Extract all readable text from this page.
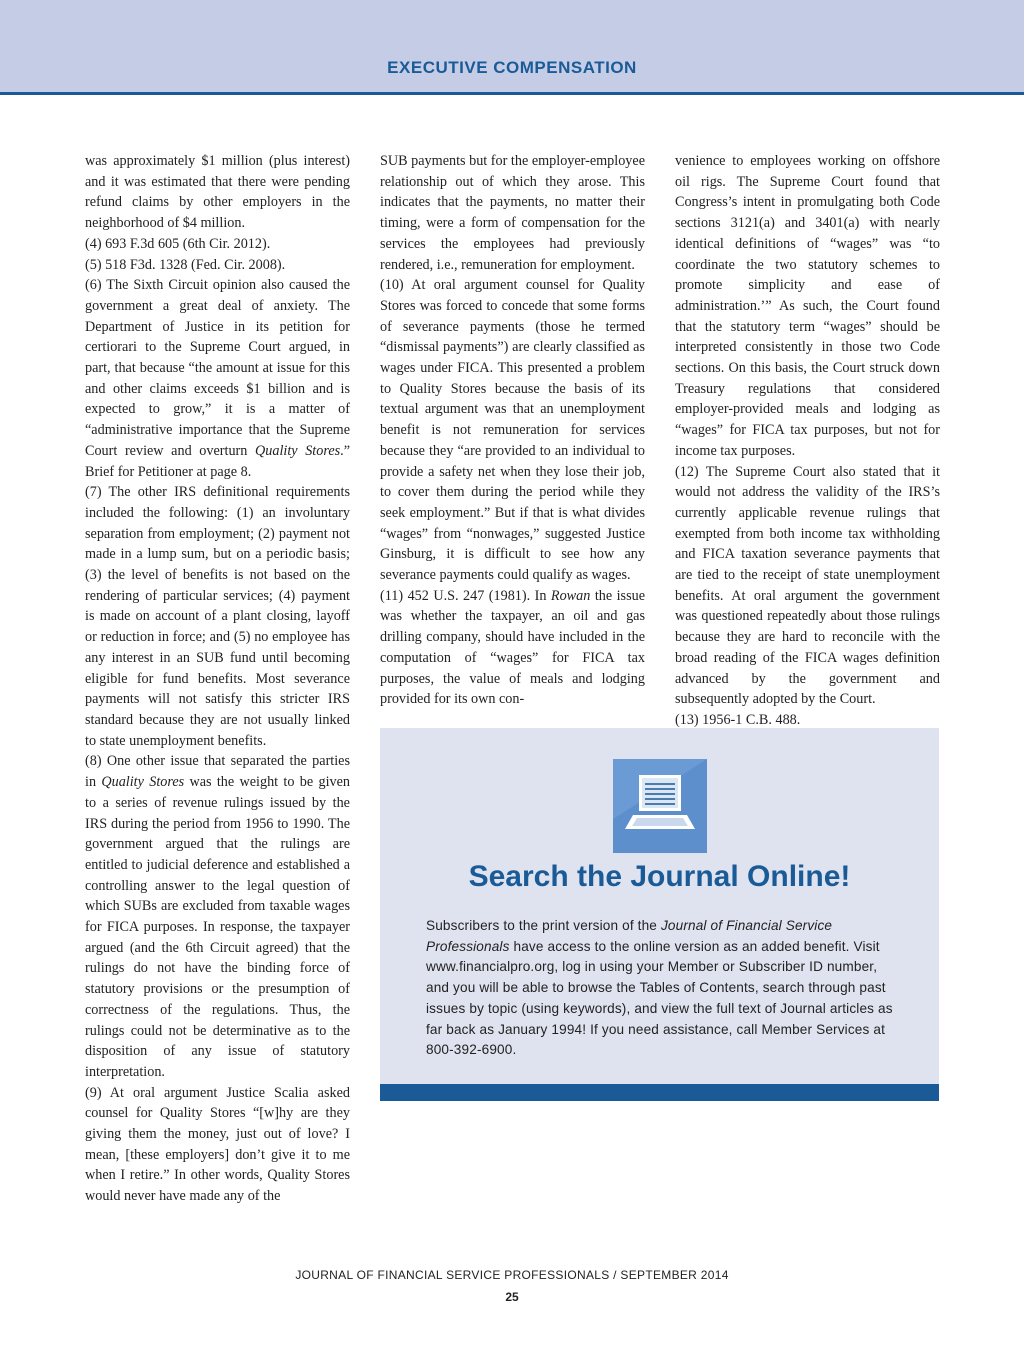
EXECUTIVE COMPENSATION

was approximately $1 million (plus interest) and it was estimated that there were pending refund claims by other employers in the neighborhood of $4 million.

(4) 693 F.3d 605 (6th Cir. 2012).

(5) 518 F3d. 1328 (Fed. Cir. 2008).

(6) The Sixth Circuit opinion also caused the government a great deal of anxiety. The Department of Justice in its petition for certiorari to the Supreme Court argued, in part, that because “the amount at issue for this and other claims exceeds $1 billion and is expected to grow,” it is a matter of “administrative importance that the Supreme Court review and overturn Quality Stores.” Brief for Petitioner at page 8.

(7) The other IRS definitional requirements included the following: (1) an involuntary separation from employment; (2) payment not made in a lump sum, but on a periodic basis; (3) the level of benefits is not based on the rendering of particular services; (4) payment is made on account of a plant closing, layoff or reduction in force; and (5) no employee has any interest in an SUB fund until becoming eligible for fund benefits. Most severance payments will not satisfy this stricter IRS standard because they are not usually linked to state unemployment benefits.

(8) One other issue that separated the parties in Quality Stores was the weight to be given to a series of revenue rulings issued by the IRS during the period from 1956 to 1990. The government argued that the rulings are entitled to judicial deference and established a controlling answer to the legal question of which SUBs are excluded from taxable wages for FICA purposes. In response, the taxpayer argued (and the 6th Circuit agreed) that the rulings do not have the binding force of statutory provisions or the presumption of correctness of the regulations. Thus, the rulings could not be determinative as to the disposition of any issue of statutory interpretation.

(9) At oral argument Justice Scalia asked counsel for Quality Stores “[w]hy are they giving them the money, just out of love? I mean, [these employers] don’t give it to me when I retire.” In other words, Quality Stores would never have made any of the

SUB payments but for the employer-employee relationship out of which they arose. This indicates that the payments, no matter their timing, were a form of compensation for the services the employees had previously rendered, i.e., remuneration for employment.

(10) At oral argument counsel for Quality Stores was forced to concede that some forms of severance payments (those he termed “dismissal payments”) are clearly classified as wages under FICA. This presented a problem to Quality Stores because the basis of its textual argument was that an unemployment benefit is not remuneration for services because they “are provided to an individual to provide a safety net when they lose their job, to cover them during the period while they seek employment.” But if that is what divides “wages” from “nonwages,” suggested Justice Ginsburg, it is difficult to see how any severance payments could qualify as wages.

(11) 452 U.S. 247 (1981). In Rowan the issue was whether the taxpayer, an oil and gas drilling company, should have included in the computation of “wages” for FICA tax purposes, the value of meals and lodging provided for its own con-

venience to employees working on offshore oil rigs. The Supreme Court found that Congress’s intent in promulgating both Code sections 3121(a) and 3401(a) with nearly identical definitions of “wages” was “to coordinate the two statutory schemes to promote simplicity and ease of administration.’” As such, the Court found that the statutory term “wages” should be interpreted consistently in those two Code sections. On this basis, the Court struck down Treasury regulations that considered employer-provided meals and lodging as “wages” for FICA tax purposes, but not for income tax purposes.

(12) The Supreme Court also stated that it would not address the validity of the IRS’s currently applicable revenue rulings that exempted from both income tax withholding and FICA taxation severance payments that are tied to the receipt of state unemployment benefits. At oral argument the government was questioned repeatedly about those rulings because they are hard to reconcile with the broad reading of the FICA wages definition advanced by the government and subsequently adopted by the Court.

(13) 1956-1 C.B. 488.

Search the Journal Online!

Subscribers to the print version of the Journal of Financial Service Professionals have access to the online version as an added benefit. Visit www.financialpro.org, log in using your Member or Subscriber ID number, and you will be able to browse the Tables of Contents, search through past issues by topic (using keywords), and view the full text of Journal articles as far back as January 1994! If you need assistance, call Member Services at 800-392-6900.

JOURNAL OF FINANCIAL SERVICE PROFESSIONALS / SEPTEMBER 2014
25
